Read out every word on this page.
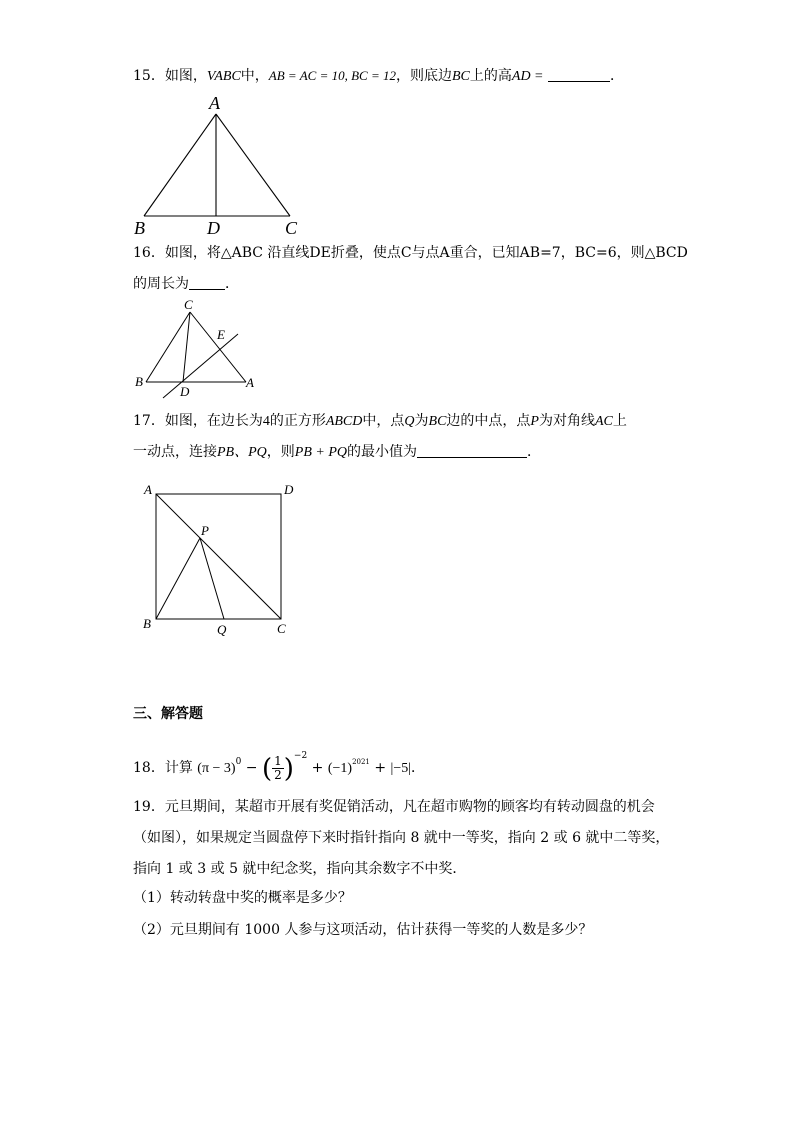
15．如图，VABC中，AB = AC = 10, BC = 12，则底边BC上的高AD =	．
A
B	D	C
16．如图，将△ABC 沿直线DE折叠，使点C与点A重合，已知AB=7，BC=6，则△BCD
的周长为	．
C
E
B
D
A
17．如图，在边长为4的正方形ABCD中，点Q为BC边的中点，点P为对角线AC上
一动点，连接PB、PQ，则PB + PQ的最小值为	．
A	D
P
B	Q	C
三、解答题
18．计算 $(\pi - 3)^0$ − ( $\frac{1}{2} )^{-2} + (-1)^{2021} + |-5|$．
19．元旦期间，某超市开展有奖促销活动，凡在超市购物的顾客均有转动圆盘的机会
（如图），如果规定当圆盘停下来时指针指向 8 就中一等奖，指向 2 或 6 就中二等奖，
指向 1 或 3 或 5 就中纪念奖，指向其余数字不中奖．
（1）转动转盘中奖的概率是多少？
（2）元旦期间有 1000 人参与这项活动，估计获得一等奖的人数是多少？
